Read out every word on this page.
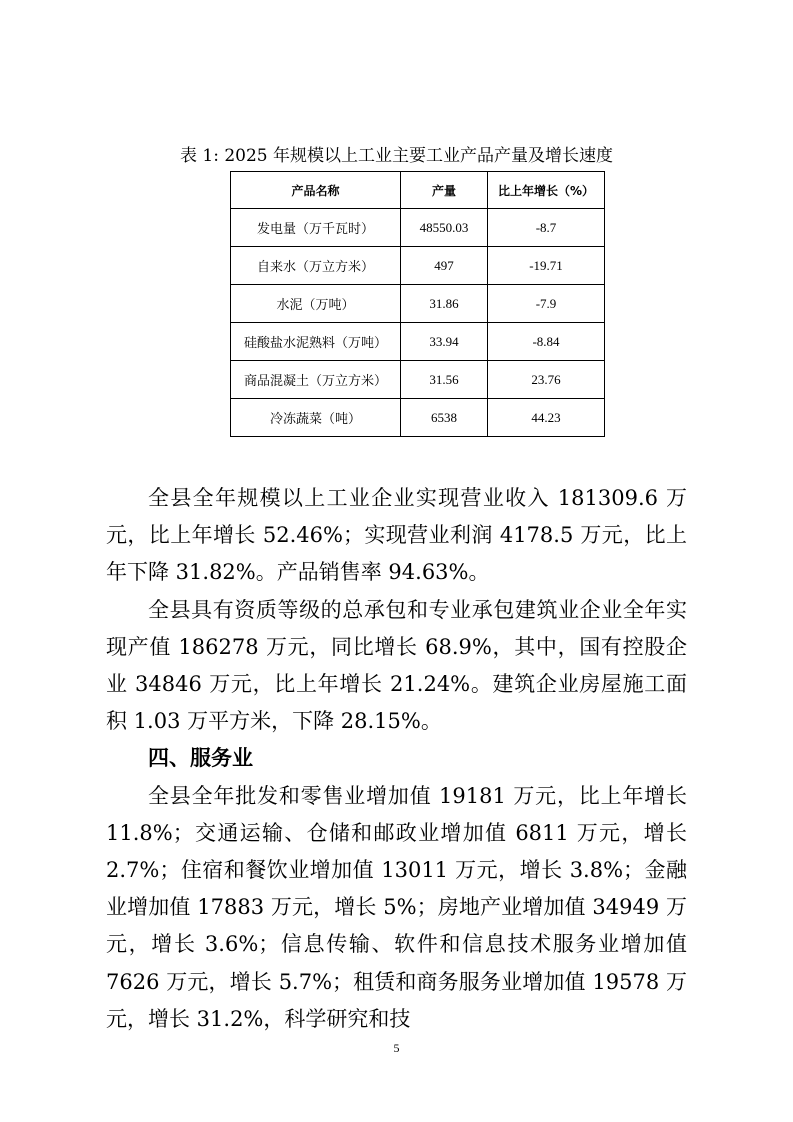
表 1: 2025 年规模以上工业主要工业产品产量及增长速度
产品名称	产量	比上年增长（%）
发电量（万千瓦时）	48550.03	-8.7
自来水（万立方米）	497	-19.71
水泥（万吨）	31.86	-7.9
硅酸盐水泥熟料（万吨）	33.94	-8.84
商品混凝土（万立方米）	31.56	23.76
冷冻蔬菜（吨）	6538	44.23

全县全年规模以上工业企业实现营业收入 181309.6 万元，比上年增长 52.46%；实现营业利润 4178.5 万元，比上年下降 31.82%。产品销售率 94.63%。

全县具有资质等级的总承包和专业承包建筑业企业全年实现产值 186278 万元，同比增长 68.9%，其中，国有控股企业 34846 万元，比上年增长 21.24%。建筑企业房屋施工面积 1.03 万平方米，下降 28.15%。

四、服务业

全县全年批发和零售业增加值 19181 万元，比上年增长 11.8%；交通运输、仓储和邮政业增加值 6811 万元，增长 2.7%；住宿和餐饮业增加值 13011 万元，增长 3.8%；金融业增加值 17883 万元，增长 5%；房地产业增加值 34949 万元，增长 3.6%；信息传输、软件和信息技术服务业增加值 7626 万元，增长 5.7%；租赁和商务服务业增加值 19578 万元，增长 31.2%，科学研究和技

5
